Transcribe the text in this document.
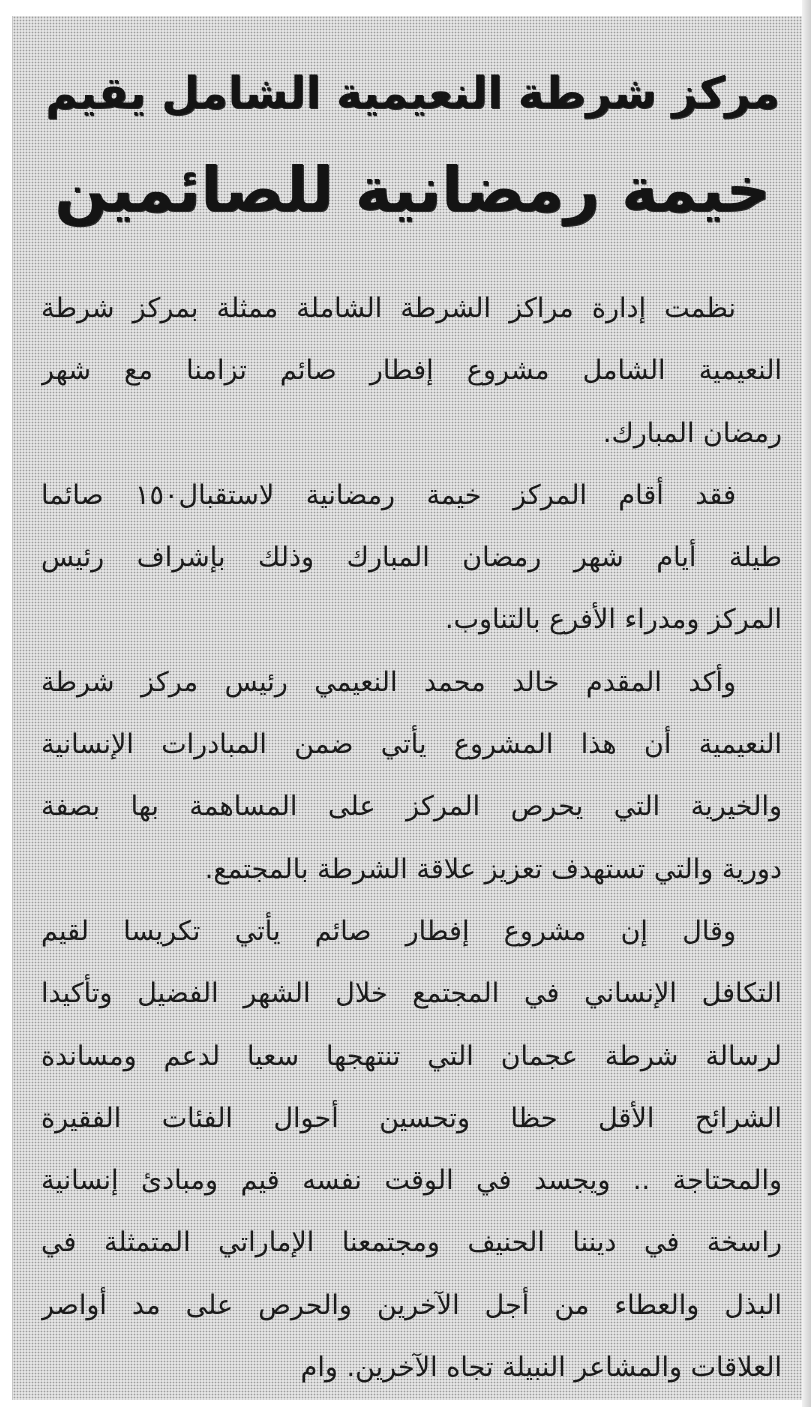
مركز شرطة النعيمية الشامل يقيم
خيمة رمضانية للصائمين
نظمت إدارة مراكز الشرطة الشاملة ممثلة بمركز شرطة
النعيمية الشامل مشروع إفطار صائم تزامنا مع شهر
رمضان المبارك.
فقد أقام المركز خيمة رمضانية لاستقبال١٥٠ صائما
طيلة أيام شهر رمضان المبارك وذلك بإشراف رئيس
المركز ومدراء الأفرع بالتناوب.
وأكد المقدم خالد محمد النعيمي رئيس مركز شرطة
النعيمية أن هذا المشروع يأتي ضمن المبادرات الإنسانية
والخيرية التي يحرص المركز على المساهمة بها بصفة
دورية والتي تستهدف تعزيز علاقة الشرطة بالمجتمع.
وقال إن مشروع إفطار صائم يأتي تكريسا لقيم
التكافل الإنساني في المجتمع خلال الشهر الفضيل وتأكيدا
لرسالة شرطة عجمان التي تنتهجها سعيا لدعم ومساندة
الشرائح الأقل حظا وتحسين أحوال الفئات الفقيرة
والمحتاجة .. ويجسد في الوقت نفسه قيم ومبادئ إنسانية
راسخة في ديننا الحنيف ومجتمعنا الإماراتي المتمثلة في
البذل والعطاء من أجل الآخرين والحرص على مد أواصر
العلاقات والمشاعر النبيلة تجاه الآخرين. وام
